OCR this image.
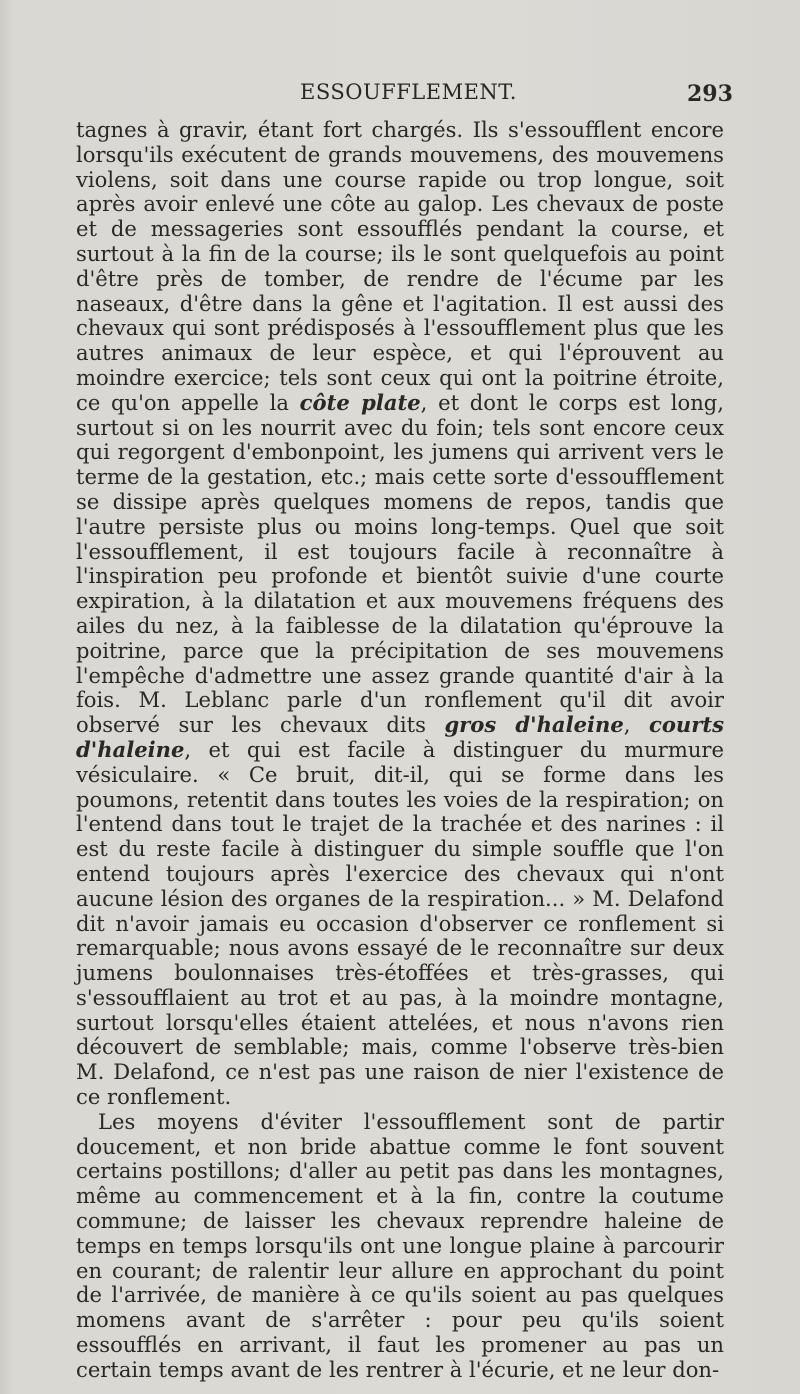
ESSOUFFLEMENT.	293

tagnes à gravir, étant fort chargés. Ils s'essoufflent encore lorsqu'ils exécutent de grands mouvemens, des mouvemens violens, soit dans une course rapide ou trop longue, soit après avoir enlevé une côte au galop. Les chevaux de poste et de messageries sont essoufflés pendant la course, et surtout à la fin de la course; ils le sont quelquefois au point d'être près de tomber, de rendre de l'écume par les naseaux, d'être dans la gêne et l'agitation. Il est aussi des chevaux qui sont prédisposés à l'essoufflement plus que les autres animaux de leur espèce, et qui l'éprouvent au moindre exercice; tels sont ceux qui ont la poitrine étroite, ce qu'on appelle la côte plate, et dont le corps est long, surtout si on les nourrit avec du foin; tels sont encore ceux qui regorgent d'embonpoint, les jumens qui arrivent vers le terme de la gestation, etc.; mais cette sorte d'essoufflement se dissipe après quelques momens de repos, tandis que l'autre persiste plus ou moins long-temps. Quel que soit l'essoufflement, il est toujours facile à reconnaître à l'inspiration peu profonde et bientôt suivie d'une courte expiration, à la dilatation et aux mouvemens fréquens des ailes du nez, à la faiblesse de la dilatation qu'éprouve la poitrine, parce que la précipitation de ses mouvemens l'empêche d'admettre une assez grande quantité d'air à la fois. M. Leblanc parle d'un ronflement qu'il dit avoir observé sur les chevaux dits gros d'haleine, courts d'haleine, et qui est facile à distinguer du murmure vésiculaire. « Ce bruit, dit-il, qui se forme dans les poumons, retentit dans toutes les voies de la respiration; on l'entend dans tout le trajet de la trachée et des narines : il est du reste facile à distinguer du simple souffle que l'on entend toujours après l'exercice des chevaux qui n'ont aucune lésion des organes de la respiration... » M. Delafond dit n'avoir jamais eu occasion d'observer ce ronflement si remarquable; nous avons essayé de le reconnaître sur deux jumens boulonnaises très-étoffées et très-grasses, qui s'essoufflaient au trot et au pas, à la moindre montagne, surtout lorsqu'elles étaient attelées, et nous n'avons rien découvert de semblable; mais, comme l'observe très-bien M. Delafond, ce n'est pas une raison de nier l'existence de ce ronflement.

Les moyens d'éviter l'essoufflement sont de partir doucement, et non bride abattue comme le font souvent certains postillons; d'aller au petit pas dans les montagnes, même au commencement et à la fin, contre la coutume commune; de laisser les chevaux reprendre haleine de temps en temps lorsqu'ils ont une longue plaine à parcourir en courant; de ralentir leur allure en approchant du point de l'arrivée, de manière à ce qu'ils soient au pas quelques momens avant de s'arrêter : pour peu qu'ils soient essoufflés en arrivant, il faut les promener au pas un certain temps avant de les rentrer à l'écurie, et ne leur don-
